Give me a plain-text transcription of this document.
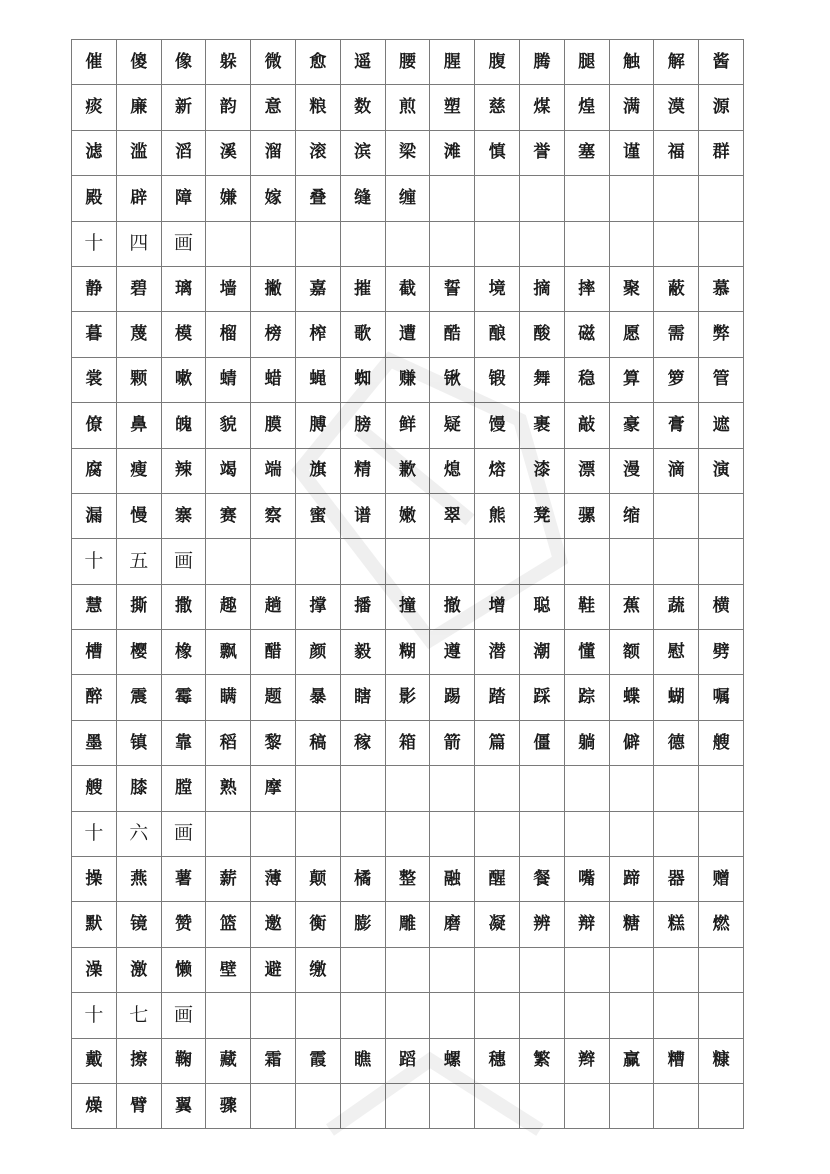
催	傻	像	躲	微	愈	遥	腰	腥	腹	腾	腿	触	解	酱
痰	廉	新	韵	意	粮	数	煎	塑	慈	煤	煌	满	漠	源
滤	滥	滔	溪	溜	滚	滨	梁	滩	慎	誉	塞	谨	福	群
殿	辟	障	嫌	嫁	叠	缝	缠							
十	四	画												
静	碧	璃	墙	撇	嘉	摧	截	誓	境	摘	摔	聚	蔽	慕
暮	蔑	模	榴	榜	榨	歌	遭	酷	酿	酸	磁	愿	需	弊
裳	颗	嗽	蜻	蜡	蝇	蜘	赚	锹	锻	舞	稳	算	箩	管
僚	鼻	魄	貌	膜	膊	膀	鲜	疑	馒	裹	敲	豪	膏	遮
腐	瘦	辣	竭	端	旗	精	歉	熄	熔	漆	漂	漫	滴	演
漏	慢	寨	赛	察	蜜	谱	嫩	翠	熊	凳	骡	缩		
十	五	画												
慧	撕	撒	趣	趟	撑	播	撞	撤	增	聪	鞋	蕉	蔬	横
槽	樱	橡	飘	醋	颜	毅	糊	遵	潜	潮	懂	额	慰	劈
醉	震	霉	瞒	题	暴	瞎	影	踢	踏	踩	踪	蝶	蝴	嘱
墨	镇	靠	稻	黎	稿	稼	箱	箭	篇	僵	躺	僻	德	艘
艘	膝	膛	熟	摩										
十	六	画												
操	燕	薯	薪	薄	颠	橘	整	融	醒	餐	嘴	蹄	器	赠
默	镜	赞	篮	邀	衡	膨	雕	磨	凝	辨	辩	糖	糕	燃
澡	激	懒	壁	避	缴									
十	七	画												
戴	擦	鞠	藏	霜	霞	瞧	蹈	螺	穗	繁	辫	赢	糟	糠
燥	臂	翼	骤											
